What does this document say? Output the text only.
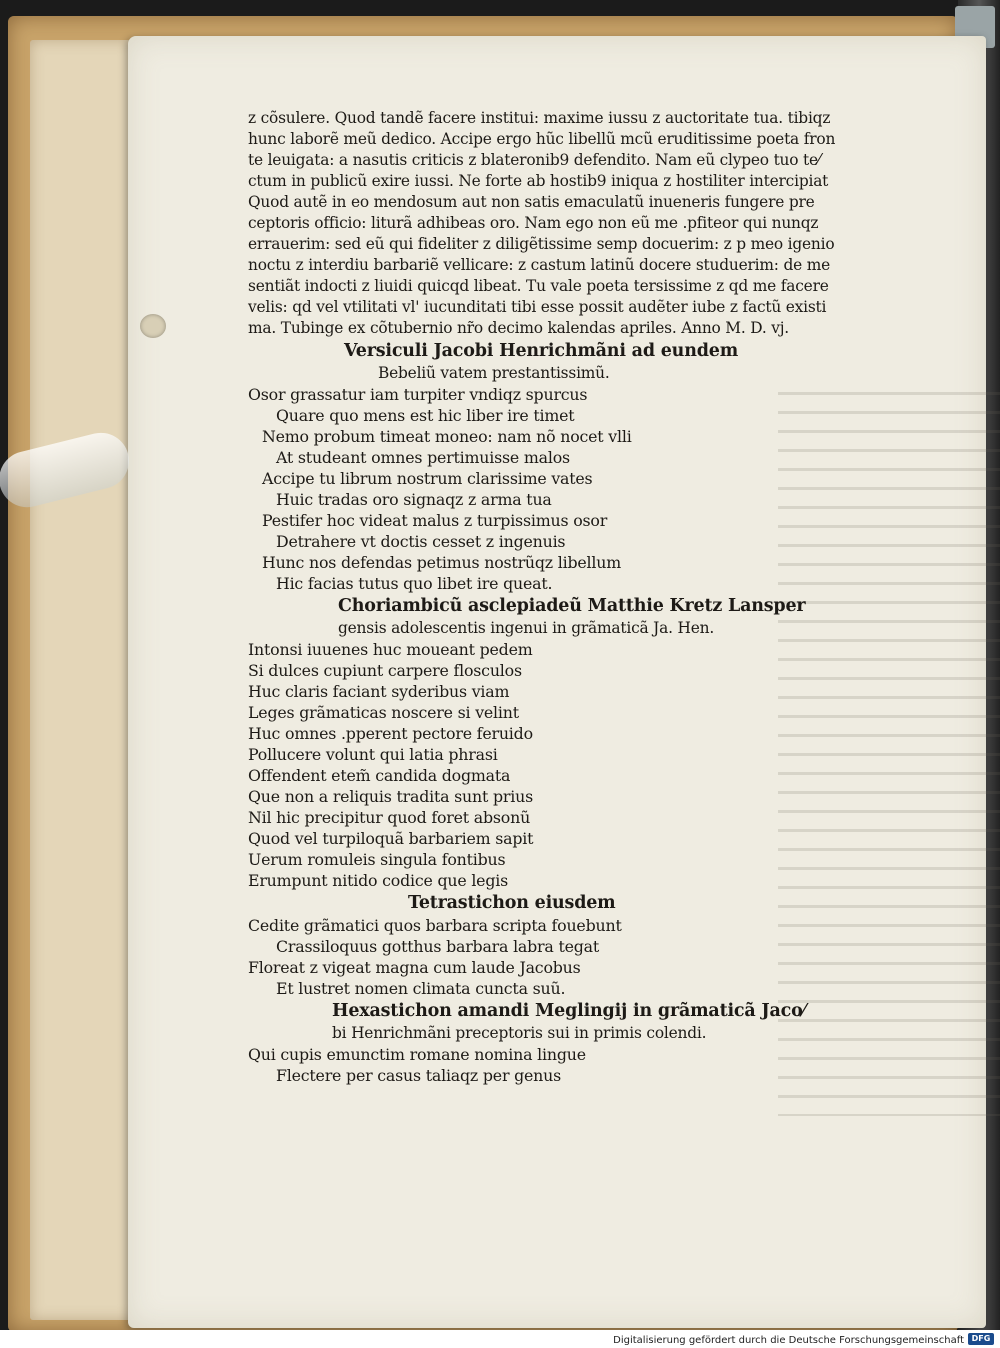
z cõsulere. Quod tandẽ facere institui: maxime iussu z auctoritate tua. tibiqz
hunc laborẽ meũ dedico. Accipe ergo hũc libellũ mcũ eruditissime poeta fron
te leuigata: a nasutis criticis z blateronib9 defendito. Nam eũ clypeo tuo te⁄
ctum in publicũ exire iussi. Ne forte ab hostib9 iniqua z hostiliter intercipiat
Quod autẽ in eo mendosum aut non satis emaculatũ inueneris fungere pre
ceptoris officio: liturã adhibeas oro. Nam ego non eũ me .pfiteor qui nunqz
errauerim: sed eũ qui fideliter z diligẽtissime semp docuerim: z p meo igenio
noctu z interdiu barbariẽ vellicare: z castum latinũ docere studuerim: de me
sentiãt indocti z liuidi quicqd libeat. Tu vale poeta tersissime z qd me facere
velis: qd vel vtilitati vl' iucunditati tibi esse possit audẽter iube z factũ existi
ma. Tubinge ex cõtubernio nr̃o decimo kalendas apriles. Anno M. D. vj.
Versiculi Jacobi Henrichmãni ad eundem
Bebeliũ vatem prestantissimũ.
Osor grassatur iam turpiter vndiqz spurcus
Quare quo mens est hic liber ire timet
Nemo probum timeat moneo: nam nõ nocet vlli
At studeant omnes pertimuisse malos
Accipe tu librum nostrum clarissime vates
Huic tradas oro signaqz z arma tua
Pestifer hoc videat malus z turpissimus osor
Detrahere vt doctis cesset z ingenuis
Hunc nos defendas petimus nostrũqz libellum
Hic facias tutus quo libet ire queat.
Choriambicũ asclepiadeũ Matthie Kretz Lansper
gensis adolescentis ingenui in grãmaticã Ja. Hen.
Intonsi iuuenes huc moueant pedem
Si dulces cupiunt carpere flosculos
Huc claris faciant syderibus viam
Leges grãmaticas noscere si velint
Huc omnes .pperent pectore feruido
Pollucere volunt qui latia phrasi
Offendent etem̃ candida dogmata
Que non a reliquis tradita sunt prius
Nil hic precipitur quod foret absonũ
Quod vel turpiloquã barbariem sapit
Uerum romuleis singula fontibus
Erumpunt nitido codice que legis
Tetrastichon eiusdem
Cedite grãmatici quos barbara scripta fouebunt
Crassiloquus gotthus barbara labra tegat
Floreat z vigeat magna cum laude Jacobus
Et lustret nomen climata cuncta suũ.
Hexastichon amandi Meglingij in grãmaticã Jaco⁄
bi Henrichmãni preceptoris sui in primis colendi.
Qui cupis emunctim romane nomina lingue
Flectere per casus taliaqz per genus
Digitalisierung gefördert durch die Deutsche Forschungsgemeinschaft DFG
